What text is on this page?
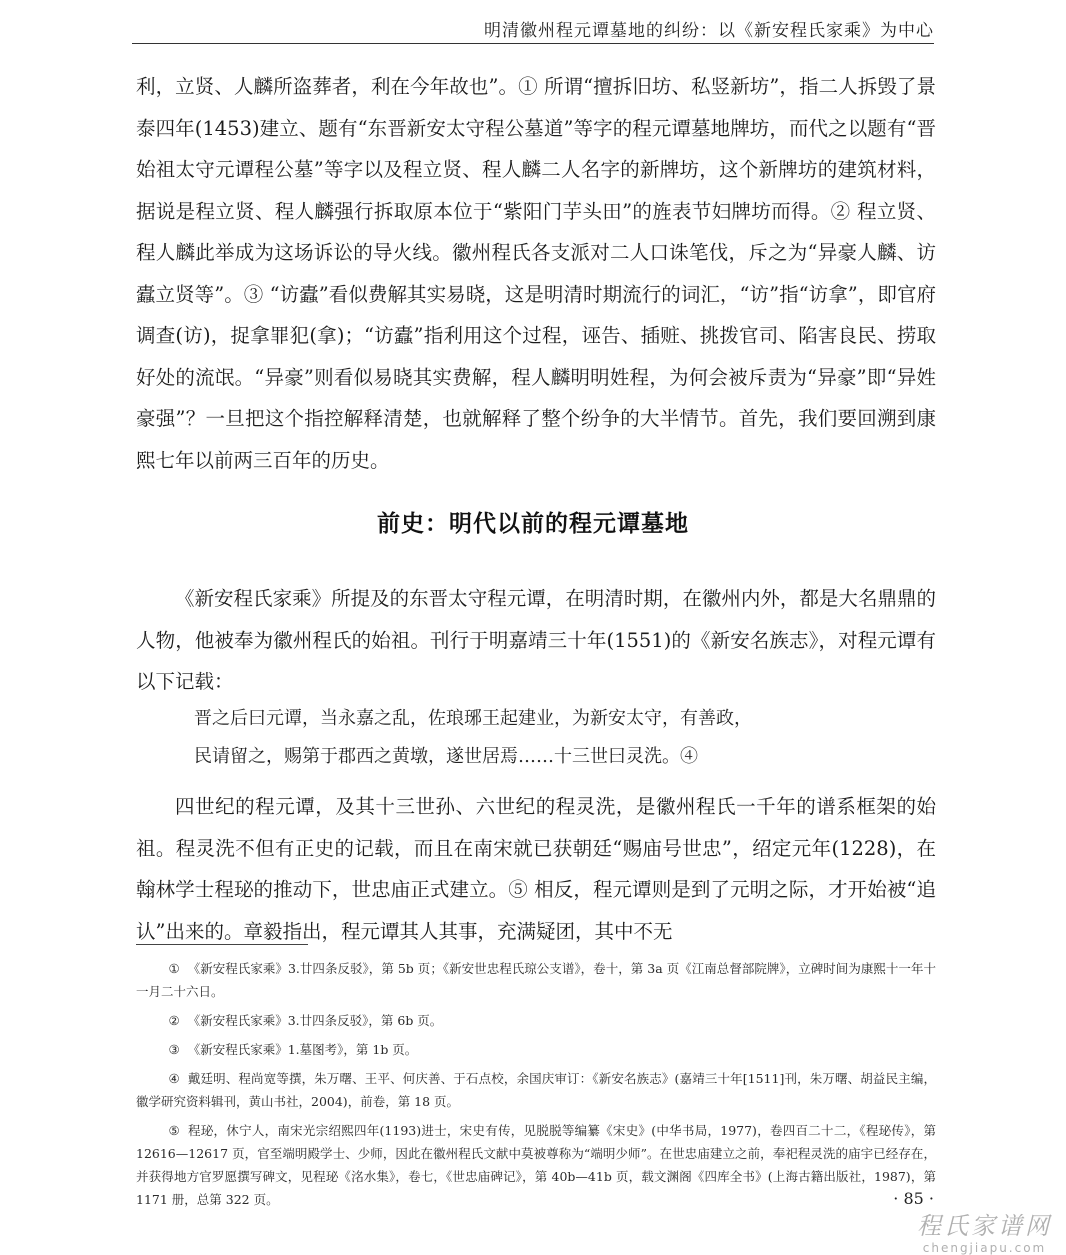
明清徽州程元谭墓地的纠纷：以《新安程氏家乘》为中心

利，立贤、人麟所盗葬者，利在今年故也”。① 所谓“擅拆旧坊、私竖新坊”，指二人拆毁了景泰四年(1453)建立、题有“东晋新安太守程公墓道”等字的程元谭墓地牌坊，而代之以题有“晋始祖太守元谭程公墓”等字以及程立贤、程人麟二人名字的新牌坊，这个新牌坊的建筑材料，据说是程立贤、程人麟强行拆取原本位于“紫阳门芋头田”的旌表节妇牌坊而得。② 程立贤、程人麟此举成为这场诉讼的导火线。徽州程氏各支派对二人口诛笔伐，斥之为“异豪人麟、访蠹立贤等”。③ “访蠹”看似费解其实易晓，这是明清时期流行的词汇，“访”指“访拿”，即官府调查(访)，捉拿罪犯(拿)；“访蠹”指利用这个过程，诬告、插赃、挑拨官司、陷害良民、捞取好处的流氓。“异豪”则看似易晓其实费解，程人麟明明姓程，为何会被斥责为“异豪”即“异姓豪强”？一旦把这个指控解释清楚，也就解释了整个纷争的大半情节。首先，我们要回溯到康熙七年以前两三百年的历史。

前史：明代以前的程元谭墓地

《新安程氏家乘》所提及的东晋太守程元谭，在明清时期，在徽州内外，都是大名鼎鼎的人物，他被奉为徽州程氏的始祖。刊行于明嘉靖三十年(1551)的《新安名族志》，对程元谭有以下记载：

晋之后曰元谭，当永嘉之乱，佐琅琊王起建业，为新安太守，有善政，

民请留之，赐第于郡西之黄墩，遂世居焉……十三世曰灵洗。④

四世纪的程元谭，及其十三世孙、六世纪的程灵洗，是徽州程氏一千年的谱系框架的始祖。程灵洗不但有正史的记载，而且在南宋就已获朝廷“赐庙号世忠”，绍定元年(1228)，在翰林学士程珌的推动下，世忠庙正式建立。⑤ 相反，程元谭则是到了元明之际，才开始被“追认”出来的。章毅指出，程元谭其人其事，充满疑团，其中不无

① 《新安程氏家乘》3.廿四条反驳》，第 5b 页；《新安世忠程氏琼公支谱》，卷十，第 3a 页《江南总督部院牌》，立碑时间为康熙十一年十一月二十六日。

② 《新安程氏家乘》3.廿四条反驳》，第 6b 页。

③ 《新安程氏家乘》1.墓图考》，第 1b 页。

④ 戴廷明、程尚宽等撰，朱万曙、王平、何庆善、于石点校，余国庆审订：《新安名族志》(嘉靖三十年[1511]刊，朱万曙、胡益民主编，徽学研究资料辑刊，黄山书社，2004)，前卷，第 18 页。

⑤ 程珌，休宁人，南宋光宗绍熙四年(1193)进士，宋史有传，见脱脱等编纂《宋史》(中华书局，1977)，卷四百二十二，《程珌传》，第 12616—12617 页，官至端明殿学士、少师，因此在徽州程氏文献中莫被尊称为“端明少师”。在世忠庙建立之前，奉祀程灵洗的庙宇已经存在，并获得地方官罗愿撰写碑文，见程珌《洺水集》，卷七，《世忠庙碑记》，第 40b—41b 页，载文渊阁《四库全书》(上海古籍出版社，1987)，第 1171 册，总第 322 页。	· 85 ·
程氏家谱网
chengjiapu.com
